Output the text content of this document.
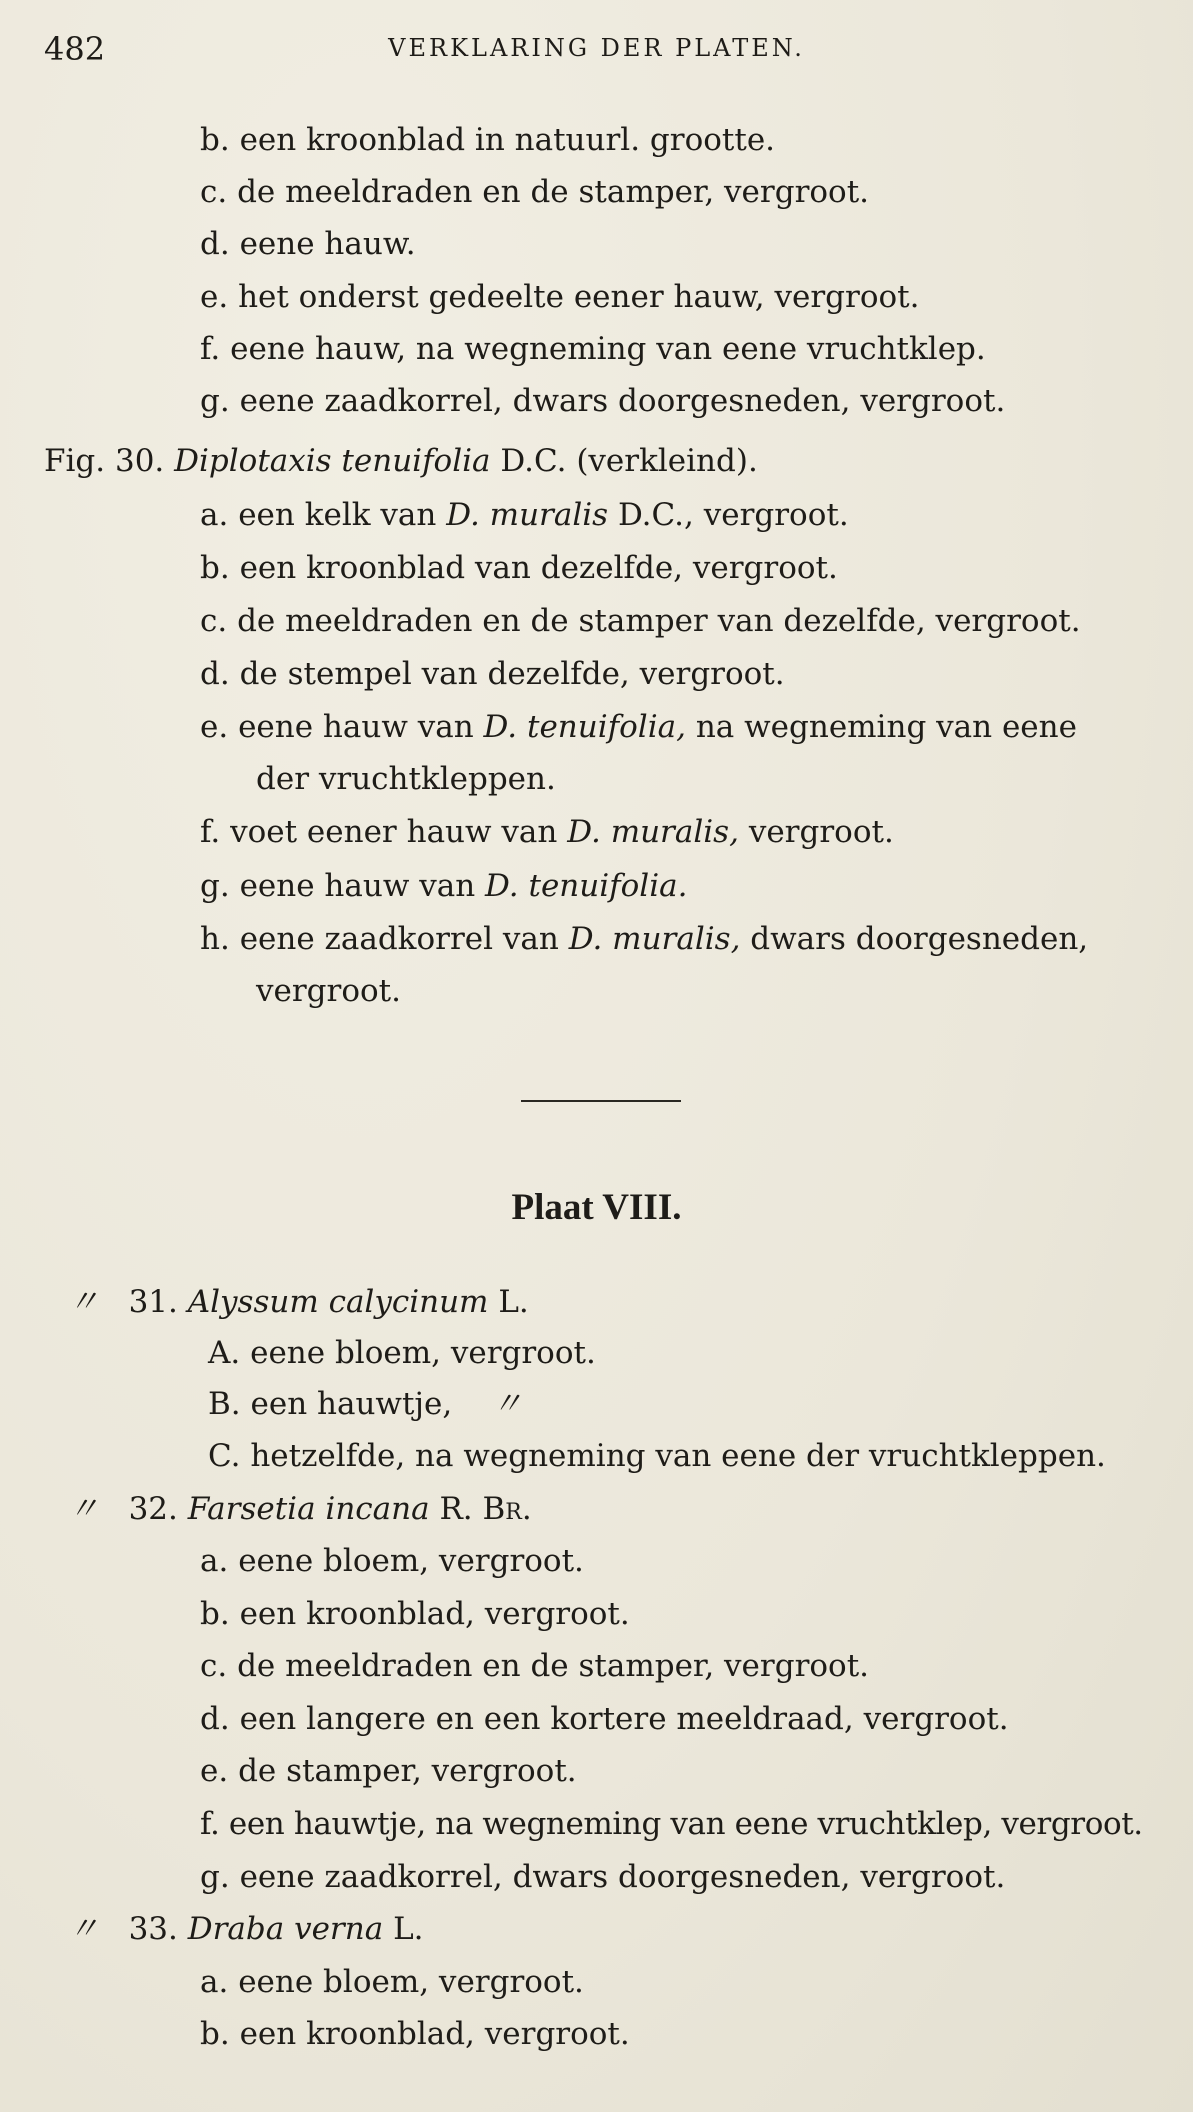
482	VERKLARING DER PLATEN.
b. een kroonblad in natuurl. grootte.
c. de meeldraden en de stamper, vergroot.
d. eene hauw.
e. het onderst gedeelte eener hauw, vergroot.
f. eene hauw, na wegneming van eene vruchtklep.
g. eene zaadkorrel, dwars doorgesneden, vergroot.
Fig. 30. Diplotaxis tenuifolia D.C. (verkleind).
a. een kelk van D. muralis D.C., vergroot.
b. een kroonblad van dezelfde, vergroot.
c. de meeldraden en de stamper van dezelfde, vergroot.
d. de stempel van dezelfde, vergroot.
e. eene hauw van D. tenuifolia, na wegneming van eene
der vruchtkleppen.
f. voet eener hauw van D. muralis, vergroot.
g. eene hauw van D. tenuifolia.
h. eene zaadkorrel van D. muralis, dwars doorgesneden,
vergroot.
Plaat VIII.
〃 31. Alyssum calycinum L.
A. eene bloem, vergroot.
B. een hauwtje, 〃
C. hetzelfde, na wegneming van eene der vruchtkleppen.
〃 32. Farsetia incana R. Br.
a. eene bloem, vergroot.
b. een kroonblad, vergroot.
c. de meeldraden en de stamper, vergroot.
d. een langere en een kortere meeldraad, vergroot.
e. de stamper, vergroot.
f. een hauwtje, na wegneming van eene vruchtklep, vergroot.
g. eene zaadkorrel, dwars doorgesneden, vergroot.
〃 33. Draba verna L.
a. eene bloem, vergroot.
b. een kroonblad, vergroot.
